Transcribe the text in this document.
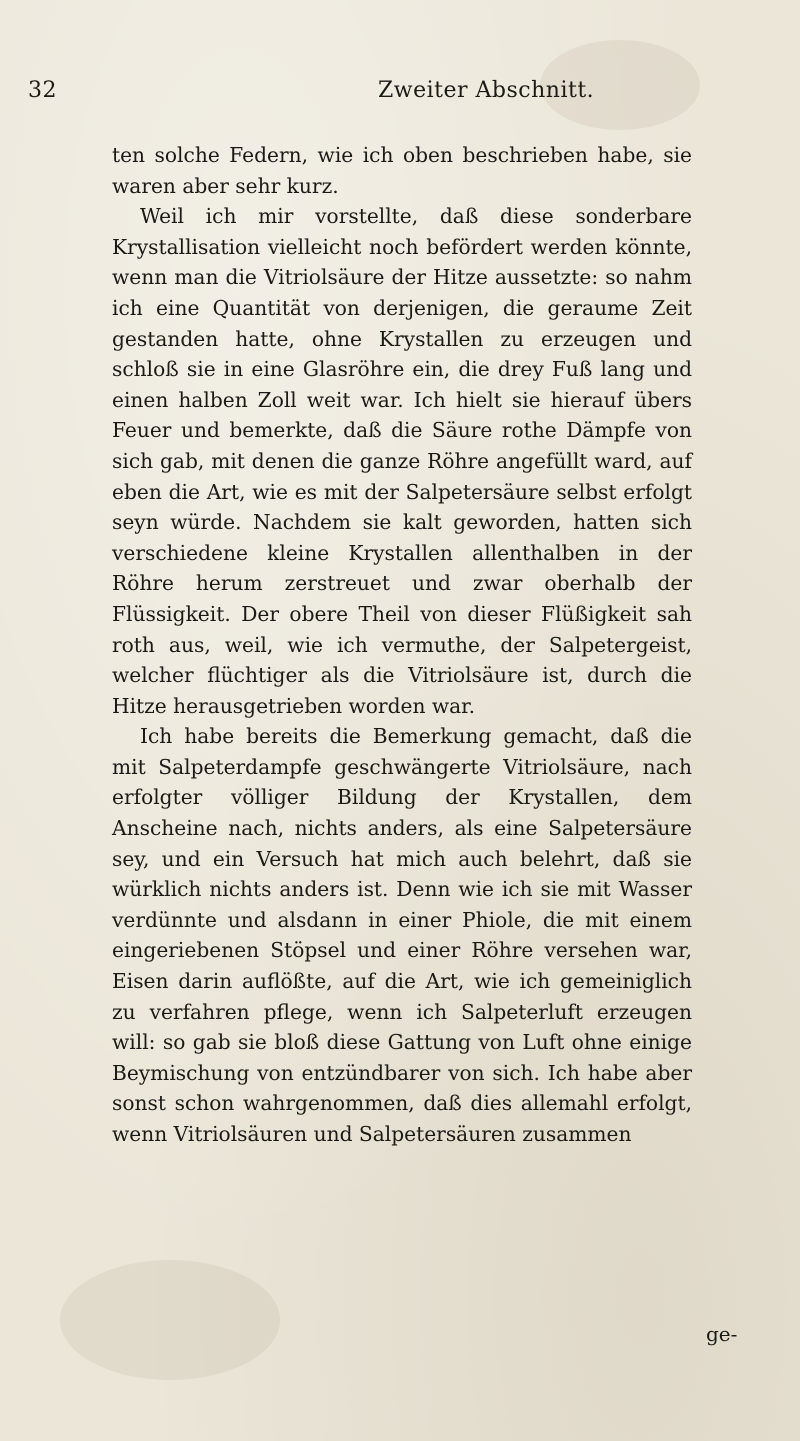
32	Zweiter Abschnitt.

ten solche Federn, wie ich oben beschrieben habe, sie waren aber sehr kurz.

Weil ich mir vorstellte, daß diese sonderbare Krystallisation vielleicht noch befördert werden könnte, wenn man die Vitriolsäure der Hitze aussetzte: so nahm ich eine Quantität von derjenigen, die geraume Zeit gestanden hatte, ohne Krystallen zu erzeugen und schloß sie in eine Glasröhre ein, die drey Fuß lang und einen halben Zoll weit war. Ich hielt sie hierauf übers Feuer und bemerkte, daß die Säure rothe Dämpfe von sich gab, mit denen die ganze Röhre angefüllt ward, auf eben die Art, wie es mit der Salpetersäure selbst erfolgt seyn würde. Nachdem sie kalt geworden, hatten sich verschiedene kleine Krystallen allenthalben in der Röhre herum zerstreuet und zwar oberhalb der Flüssigkeit. Der obere Theil von dieser Flüßigkeit sah roth aus, weil, wie ich vermuthe, der Salpetergeist, welcher flüchtiger als die Vitriolsäure ist, durch die Hitze herausgetrieben worden war.

Ich habe bereits die Bemerkung gemacht, daß die mit Salpeterdampfe geschwängerte Vitriolsäure, nach erfolgter völliger Bildung der Krystallen, dem Anscheine nach, nichts anders, als eine Salpetersäure sey, und ein Versuch hat mich auch belehrt, daß sie würklich nichts anders ist. Denn wie ich sie mit Wasser verdünnte und alsdann in einer Phiole, die mit einem eingeriebenen Stöpsel und einer Röhre versehen war, Eisen darin auflößte, auf die Art, wie ich gemeiniglich zu verfahren pflege, wenn ich Salpeterluft erzeugen will: so gab sie bloß diese Gattung von Luft ohne einige Beymischung von entzündbarer von sich. Ich habe aber sonst schon wahrgenommen, daß dies allemahl erfolgt, wenn Vitriolsäuren und Salpetersäuren zusammen

ge-
